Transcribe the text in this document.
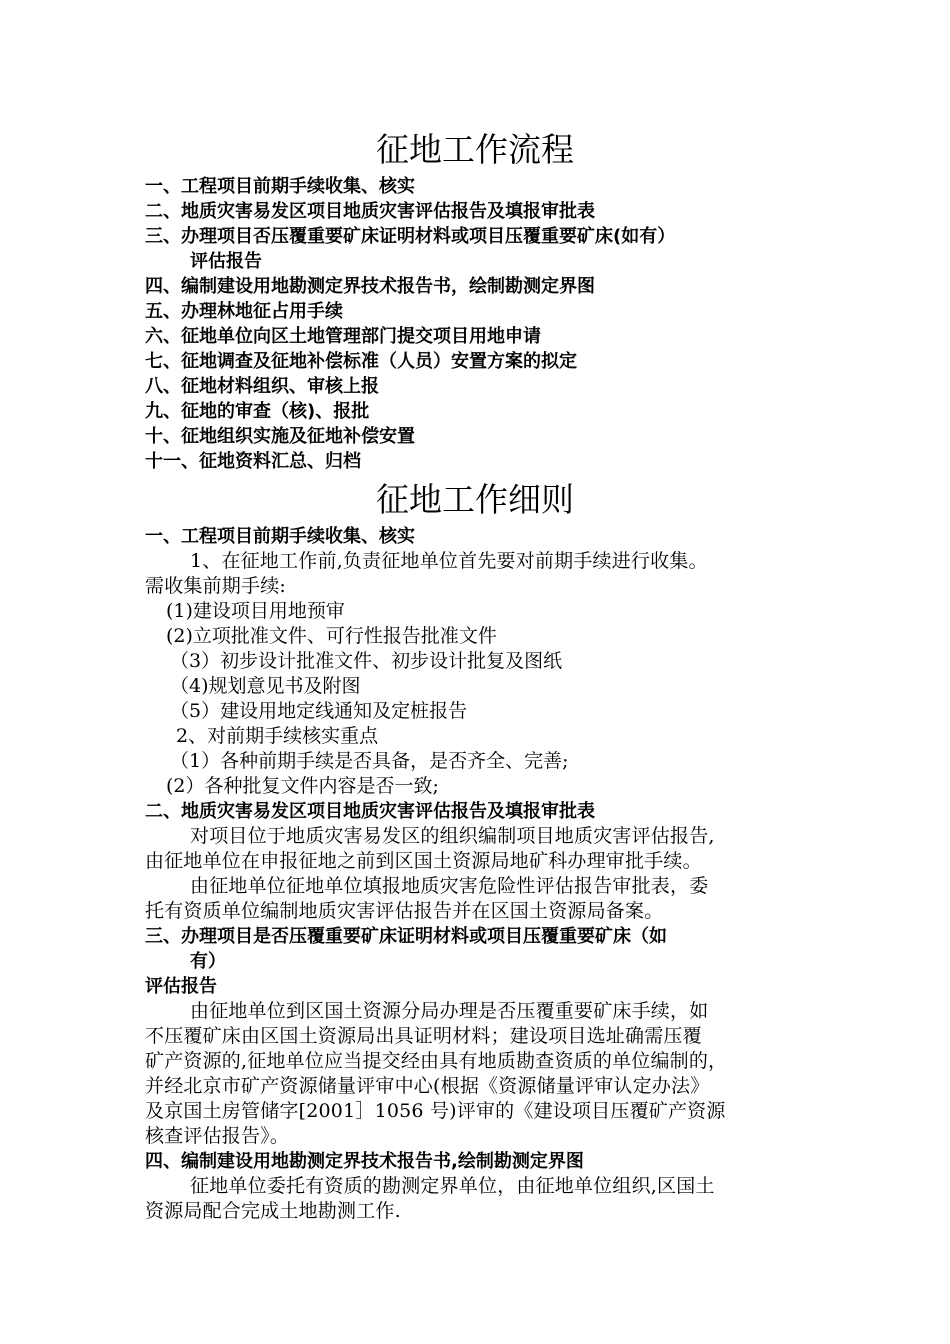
征地工作流程
一、工程项目前期手续收集、核实
二、地质灾害易发区项目地质灾害评估报告及填报审批表
三、办理项目否压覆重要矿床证明材料或项目压覆重要矿床(如有）
评估报告
四、编制建设用地勘测定界技术报告书，绘制勘测定界图
五、办理林地征占用手续
六、征地单位向区土地管理部门提交项目用地申请
七、征地调查及征地补偿标准（人员）安置方案的拟定
八、征地材料组织、审核上报
九、征地的审查（核)、报批
十、征地组织实施及征地补偿安置
十一、征地资料汇总、归档
征地工作细则
一、工程项目前期手续收集、核实
1、在征地工作前,负责征地单位首先要对前期手续进行收集。
需收集前期手续:
(1)建设项目用地预审
(2)立项批准文件、可行性报告批准文件
（3）初步设计批准文件、初步设计批复及图纸
（4)规划意见书及附图
（5）建设用地定线通知及定桩报告
2、对前期手续核实重点
（1）各种前期手续是否具备，是否齐全、完善;
(2）各种批复文件内容是否一致;
二、地质灾害易发区项目地质灾害评估报告及填报审批表
对项目位于地质灾害易发区的组织编制项目地质灾害评估报告,
由征地单位在申报征地之前到区国土资源局地矿科办理审批手续。
由征地单位征地单位填报地质灾害危险性评估报告审批表，委
托有资质单位编制地质灾害评估报告并在区国土资源局备案。
三、办理项目是否压覆重要矿床证明材料或项目压覆重要矿床（如
有）
评估报告
由征地单位到区国土资源分局办理是否压覆重要矿床手续，如
不压覆矿床由区国土资源局出具证明材料；建设项目选址确需压覆
矿产资源的,征地单位应当提交经由具有地质勘查资质的单位编制的，
并经北京市矿产资源储量评审中心(根据《资源储量评审认定办法》
及京国土房管储字[2001］1056 号)评审的《建设项目压覆矿产资源
核查评估报告》。
四、编制建设用地勘测定界技术报告书,绘制勘测定界图
征地单位委托有资质的勘测定界单位，由征地单位组织,区国土
资源局配合完成土地勘测工作.
